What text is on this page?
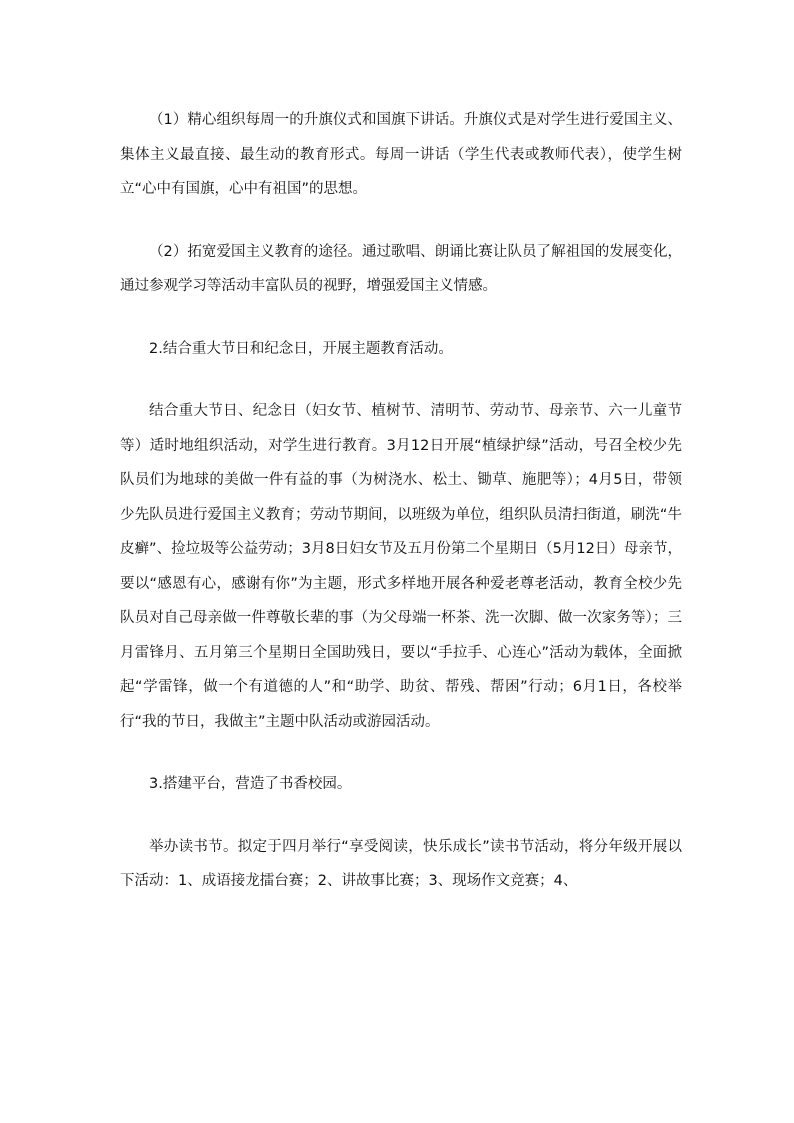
（1）精心组织每周一的升旗仪式和国旗下讲话。升旗仪式是对学生进行爱国主义、集体主义最直接、最生动的教育形式。每周一讲话（学生代表或教师代表），使学生树立“心中有国旗，心中有祖国”的思想。

（2）拓宽爱国主义教育的途径。通过歌唱、朗诵比赛让队员了解祖国的发展变化，通过参观学习等活动丰富队员的视野，增强爱国主义情感。

2.结合重大节日和纪念日，开展主题教育活动。

结合重大节日、纪念日（妇女节、植树节、清明节、劳动节、母亲节、六一儿童节等）适时地组织活动，对学生进行教育。3月12日开展“植绿护绿”活动，号召全校少先队员们为地球的美做一件有益的事（为树浇水、松土、锄草、施肥等）；4月5日，带领少先队员进行爱国主义教育；劳动节期间，以班级为单位，组织队员清扫街道，刷洗“牛皮癣”、捡垃圾等公益劳动；3月8日妇女节及五月份第二个星期日（5月12日）母亲节，要以“感恩有心，感谢有你”为主题，形式多样地开展各种爱老尊老活动，教育全校少先队员对自己母亲做一件尊敬长辈的事（为父母端一杯茶、洗一次脚、做一次家务等）；三月雷锋月、五月第三个星期日全国助残日，要以“手拉手、心连心”活动为载体，全面掀起“学雷锋，做一个有道德的人”和“助学、助贫、帮残、帮困”行动；6月1日，各校举行“我的节日，我做主”主题中队活动或游园活动。

3.搭建平台，营造了书香校园。

举办读书节。拟定于四月举行“享受阅读，快乐成长”读书节活动，将分年级开展以下活动：1、成语接龙擂台赛；2、讲故事比赛；3、现场作文竞赛；4、
